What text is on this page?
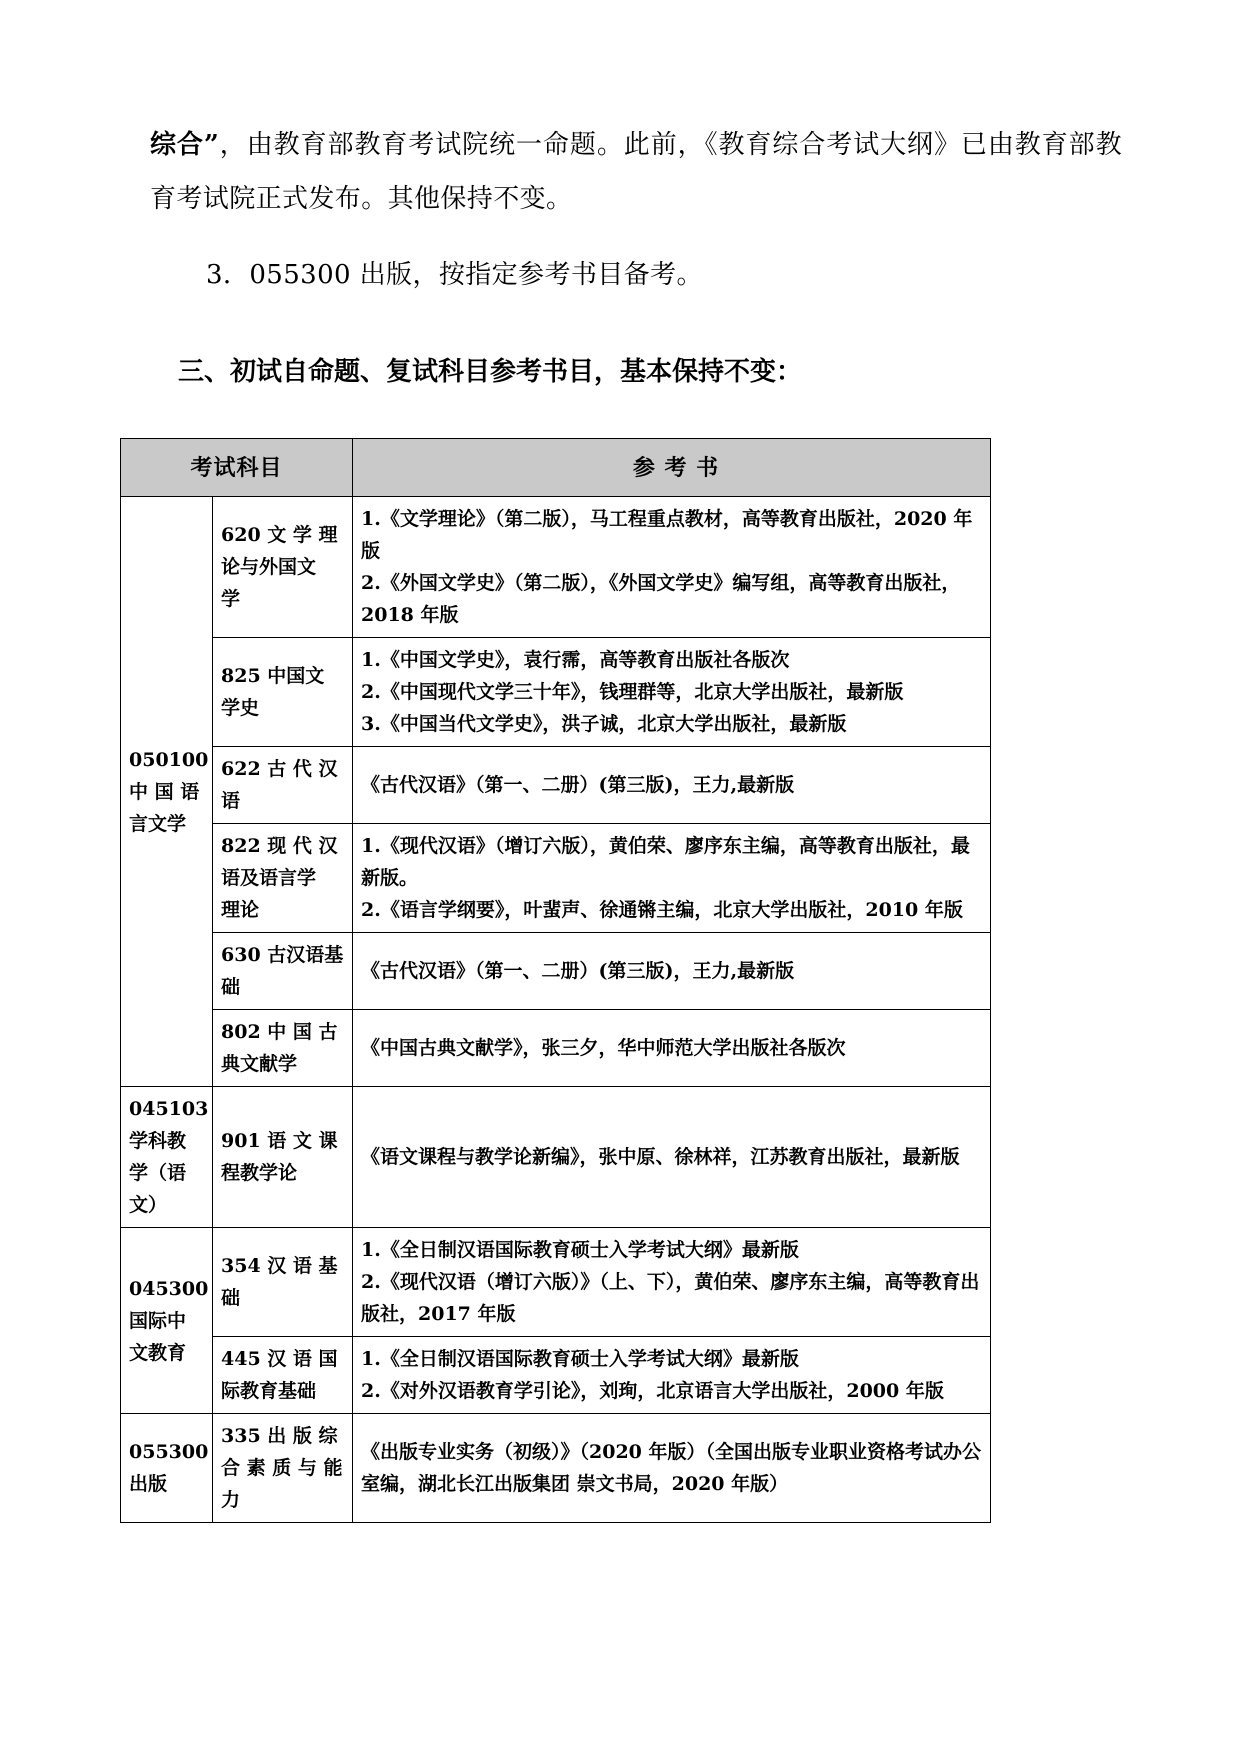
综合”，由教育部教育考试院统一命题。此前，《教育综合考试大纲》已由教育部教育考试院正式发布。其他保持不变。

3．055300 出版，按指定参考书目备考。

三、初试自命题、复试科目参考书目，基本保持不变：

考试科目		参 考 书

050100
中 国 语
言文学	620 文 学 理
论与外国文
学	1.《文学理论》（第二版），马工程重点教材，高等教育出版社，2020 年版
2.《外国文学史》（第二版），《外国文学史》编写组，高等教育出版社，2018 年版

	825 中国文
学史	1.《中国文学史》，袁行霈，高等教育出版社各版次
2.《中国现代文学三十年》，钱理群等，北京大学出版社，最新版
3.《中国当代文学史》，洪子诚，北京大学出版社，最新版

	622 古 代 汉
语	《古代汉语》（第一、二册）(第三版)，王力,最新版

	822 现 代 汉
语及语言学
理论	1.《现代汉语》（增订六版），黄伯荣、廖序东主编，高等教育出版社，最新版。
2.《语言学纲要》，叶蜚声、徐通锵主编，北京大学出版社，2010 年版

	630 古汉语基
础	《古代汉语》（第一、二册）(第三版)，王力,最新版

	802 中 国 古
典文献学	《中国古典文献学》，张三夕，华中师范大学出版社各版次

045103
学科教
学（语
文）	901 语 文 课
程教学论	《语文课程与教学论新编》，张中原、徐林祥，江苏教育出版社，最新版

045300
国际中
文教育	354 汉 语 基
础	1.《全日制汉语国际教育硕士入学考试大纲》最新版
2.《现代汉语（增订六版）》（上、下），黄伯荣、廖序东主编，高等教育出版社，2017 年版

	445 汉 语 国
际教育基础	1.《全日制汉语国际教育硕士入学考试大纲》最新版
2.《对外汉语教育学引论》，刘珣，北京语言大学出版社，2000 年版

055300
出版	335 出 版 综
合 素 质 与 能
力	《出版专业实务（初级）》（2020 年版）（全国出版专业职业资格考试办公室编，湖北长江出版集团 崇文书局，2020 年版）
